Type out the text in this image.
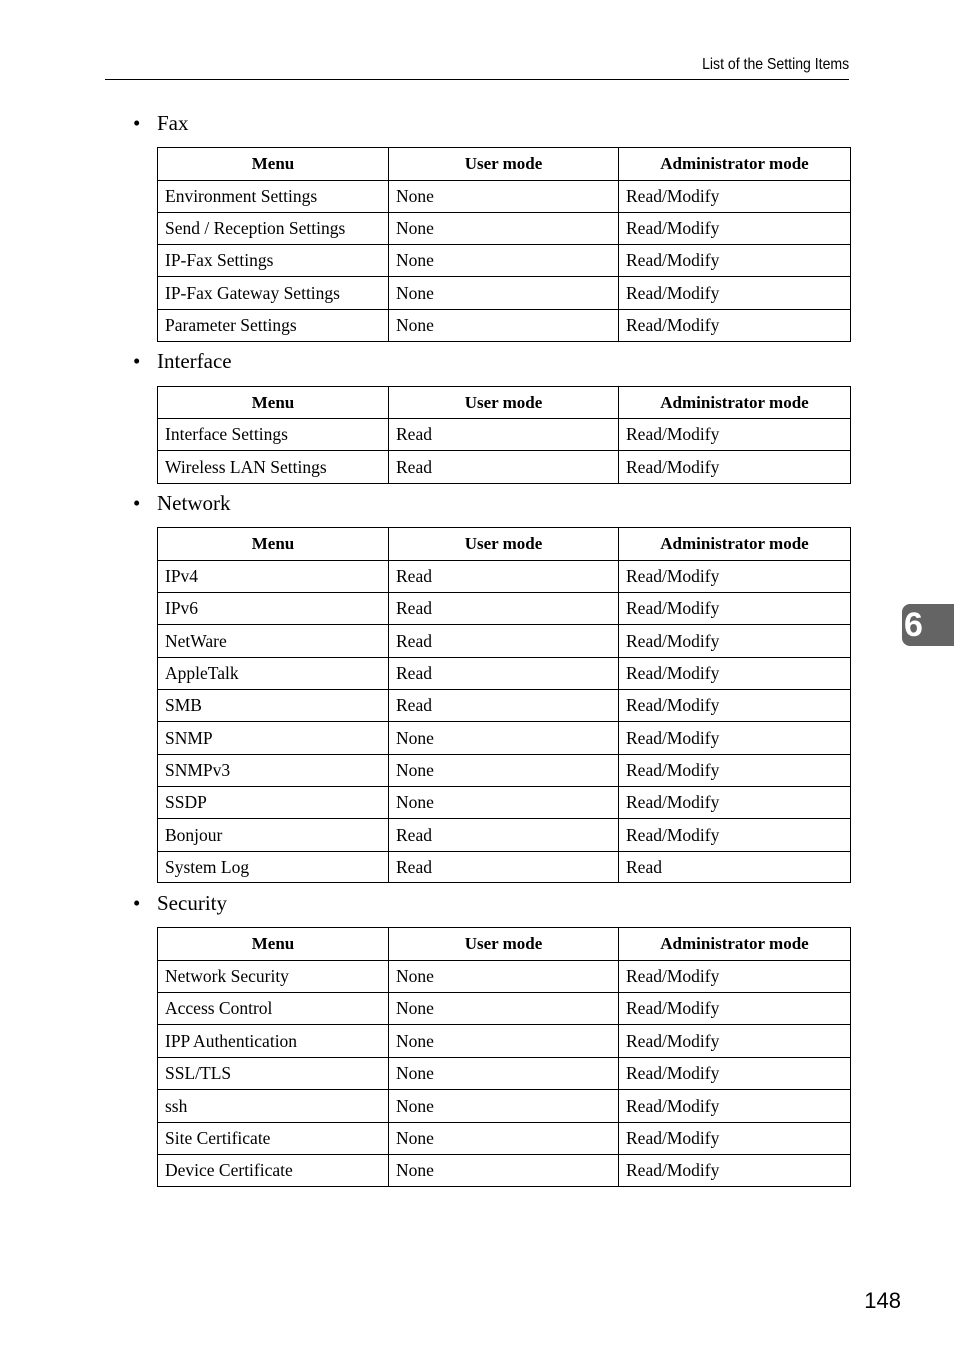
List of the Setting Items
• Fax
Menu	User mode	Administrator mode
Environment Settings	None	Read/Modify
Send / Reception Settings	None	Read/Modify
IP-Fax Settings	None	Read/Modify
IP-Fax Gateway Settings	None	Read/Modify
Parameter Settings	None	Read/Modify
• Interface
Menu	User mode	Administrator mode
Interface Settings	Read	Read/Modify
Wireless LAN Settings	Read	Read/Modify
• Network
Menu	User mode	Administrator mode
IPv4	Read	Read/Modify
IPv6	Read	Read/Modify
NetWare	Read	Read/Modify
AppleTalk	Read	Read/Modify
SMB	Read	Read/Modify
SNMP	None	Read/Modify
SNMPv3	None	Read/Modify
SSDP	None	Read/Modify
Bonjour	Read	Read/Modify
System Log	Read	Read
• Security
Menu	User mode	Administrator mode
Network Security	None	Read/Modify
Access Control	None	Read/Modify
IPP Authentication	None	Read/Modify
SSL/TLS	None	Read/Modify
ssh	None	Read/Modify
Site Certificate	None	Read/Modify
Device Certificate	None	Read/Modify
6
148
